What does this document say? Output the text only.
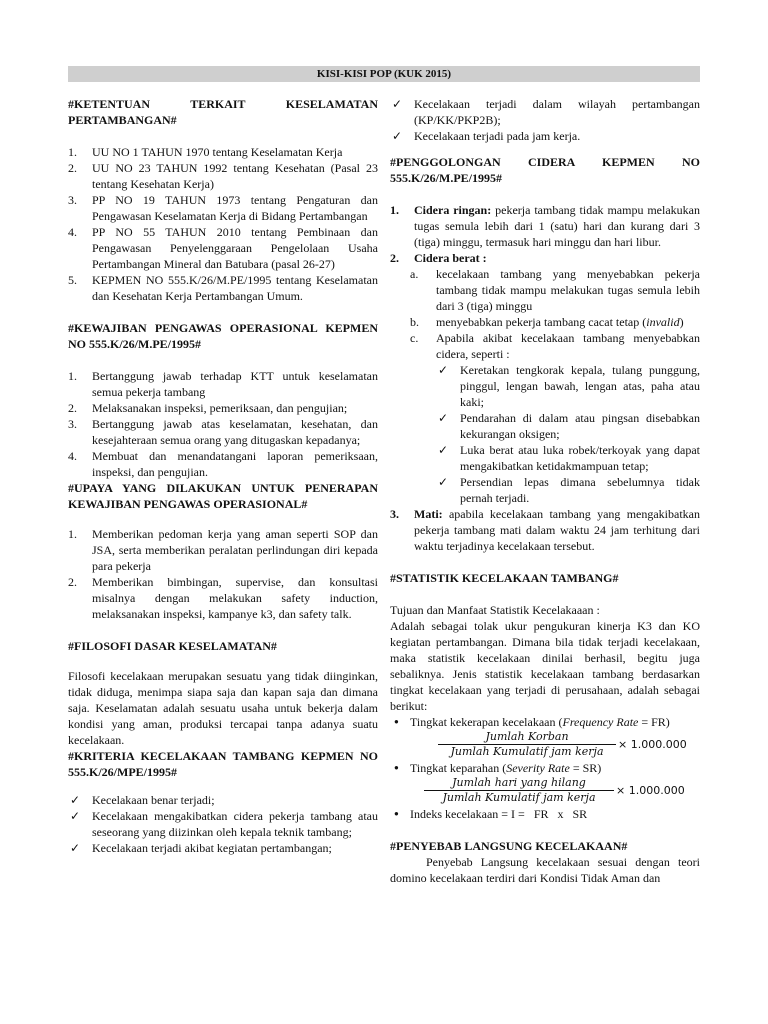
KISI-KISI POP (KUK 2015)

#KETENTUAN TERKAIT KESELAMATAN PERTAMBANGAN#

1. UU NO 1 TAHUN 1970 tentang Keselamatan Kerja
2. UU NO 23 TAHUN 1992 tentang Kesehatan (Pasal 23 tentang Kesehatan Kerja)
3. PP NO 19 TAHUN 1973 tentang Pengaturan dan Pengawasan Keselamatan Kerja di Bidang Pertambangan
4. PP NO 55 TAHUN 2010 tentang Pembinaan dan Pengawasan Penyelenggaraan Pengelolaan Usaha Pertambangan Mineral dan Batubara (pasal 26-27)
5. KEPMEN NO 555.K/26/M.PE/1995 tentang Keselamatan dan Kesehatan Kerja Pertambangan Umum.

#KEWAJIBAN PENGAWAS OPERASIONAL KEPMEN NO 555.K/26/M.PE/1995#

1. Bertanggung jawab terhadap KTT untuk keselamatan semua pekerja tambang
2. Melaksanakan inspeksi, pemeriksaan, dan pengujian;
3. Bertanggung jawab atas keselamatan, kesehatan, dan kesejahteraan semua orang yang ditugaskan kepadanya;
4. Membuat dan menandatangani laporan pemeriksaan, inspeksi, dan pengujian.

#UPAYA YANG DILAKUKAN UNTUK PENERAPAN KEWAJIBAN PENGAWAS OPERASIONAL#

1. Memberikan pedoman kerja yang aman seperti SOP dan JSA, serta memberikan peralatan perlindungan diri kepada para pekerja
2. Memberikan bimbingan, supervise, dan konsultasi misalnya dengan melakukan safety induction, melaksanakan inspeksi, kampanye k3, dan safety talk.

#FILOSOFI DASAR KESELAMATAN#

Filosofi kecelakaan merupakan sesuatu yang tidak diinginkan, tidak diduga, menimpa siapa saja dan kapan saja dan dimana saja. Keselamatan adalah sesuatu usaha untuk bekerja dalam kondisi yang aman, produksi tercapai tanpa adanya suatu kecelakaan.

#KRITERIA KECELAKAAN TAMBANG KEPMEN NO 555.K/26/MPE/1995#

✓ Kecelakaan benar terjadi;
✓ Kecelakaan mengakibatkan cidera pekerja tambang atau seseorang yang diizinkan oleh kepala teknik tambang;
✓ Kecelakaan terjadi akibat kegiatan pertambangan;
✓ Kecelakaan terjadi dalam wilayah pertambangan (KP/KK/PKP2B);
✓ Kecelakaan terjadi pada jam kerja.

#PENGGOLONGAN CIDERA KEPMEN NO 555.K/26/M.PE/1995#

1. Cidera ringan: pekerja tambang tidak mampu melakukan tugas semula lebih dari 1 (satu) hari dan kurang dari 3 (tiga) minggu, termasuk hari minggu dan hari libur.
2. Cidera berat :
a. kecelakaan tambang yang menyebabkan pekerja tambang tidak mampu melakukan tugas semula lebih dari 3 (tiga) minggu
b. menyebabkan pekerja tambang cacat tetap (invalid)
c. Apabila akibat kecelakaan tambang menyebabkan cidera, seperti :
✓ Keretakan tengkorak kepala, tulang punggung, pinggul, lengan bawah, lengan atas, paha atau kaki;
✓ Pendarahan di dalam atau pingsan disebabkan kekurangan oksigen;
✓ Luka berat atau luka robek/terkoyak yang dapat mengakibatkan ketidakmampuan tetap;
✓ Persendian lepas dimana sebelumnya tidak pernah terjadi.
3. Mati: apabila kecelakaan tambang yang mengakibatkan pekerja tambang mati dalam waktu 24 jam terhitung dari waktu terjadinya kecelakaan tersebut.

#STATISTIK KECELAKAAN TAMBANG#

Tujuan dan Manfaat Statistik Kecelakaaan :

Adalah sebagai tolak ukur pengukuran kinerja K3 dan KO kegiatan pertambangan. Dimana bila tidak terjadi kecelakaan, maka statistik kecelakaan dinilai berhasil, begitu juga sebaliknya. Jenis statistik kecelakaan tambang berdasarkan tingkat kecelakaan yang terjadi di perusahaan, adalah sebagai berikut:

● Tingkat kekerapan kecelakaan (Frequency Rate = FR)
Jumlah Korban
Jumlah Kumulatif jam kerja
× 1.000.000
● Tingkat keparahan (Severity Rate = SR)
Jumlah hari yang hilang
Jumlah Kumulatif jam kerja
× 1.000.000
● Indeks kecelakaan = I =   FR   x   SR

#PENYEBAB LANGSUNG KECELAKAAN#

Penyebab Langsung kecelakaan sesuai dengan teori domino kecelakaan terdiri dari Kondisi Tidak Aman dan
